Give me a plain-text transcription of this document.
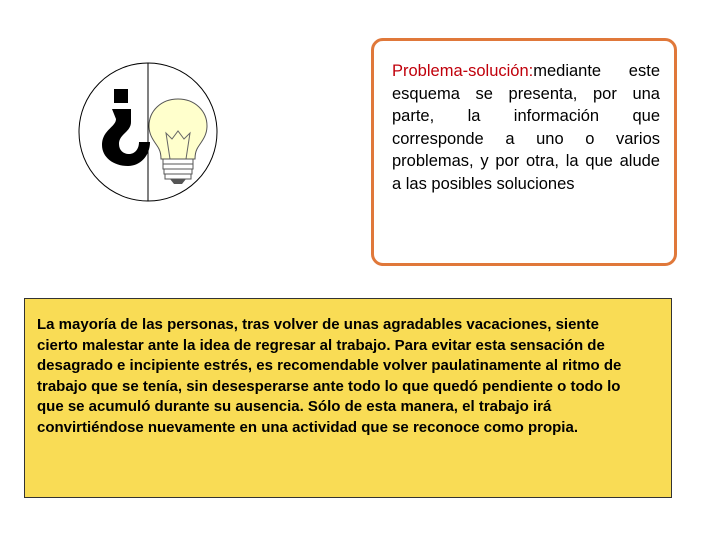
Problema-solución:mediante este esquema se presenta, por una parte, la información que corresponde a uno o varios problemas, y por otra, la que alude a las posibles soluciones

La mayoría de las personas, tras volver de unas agradables vacaciones, siente cierto malestar ante la idea de regresar al trabajo. Para evitar esta sensación de desagrado e incipiente estrés, es recomendable volver paulatinamente al ritmo de trabajo que se tenía, sin desesperarse ante todo lo que quedó pendiente o todo lo que se acumuló durante su ausencia. Sólo de esta manera, el trabajo irá convirtiéndose nuevamente en una actividad que se reconoce como propia.
